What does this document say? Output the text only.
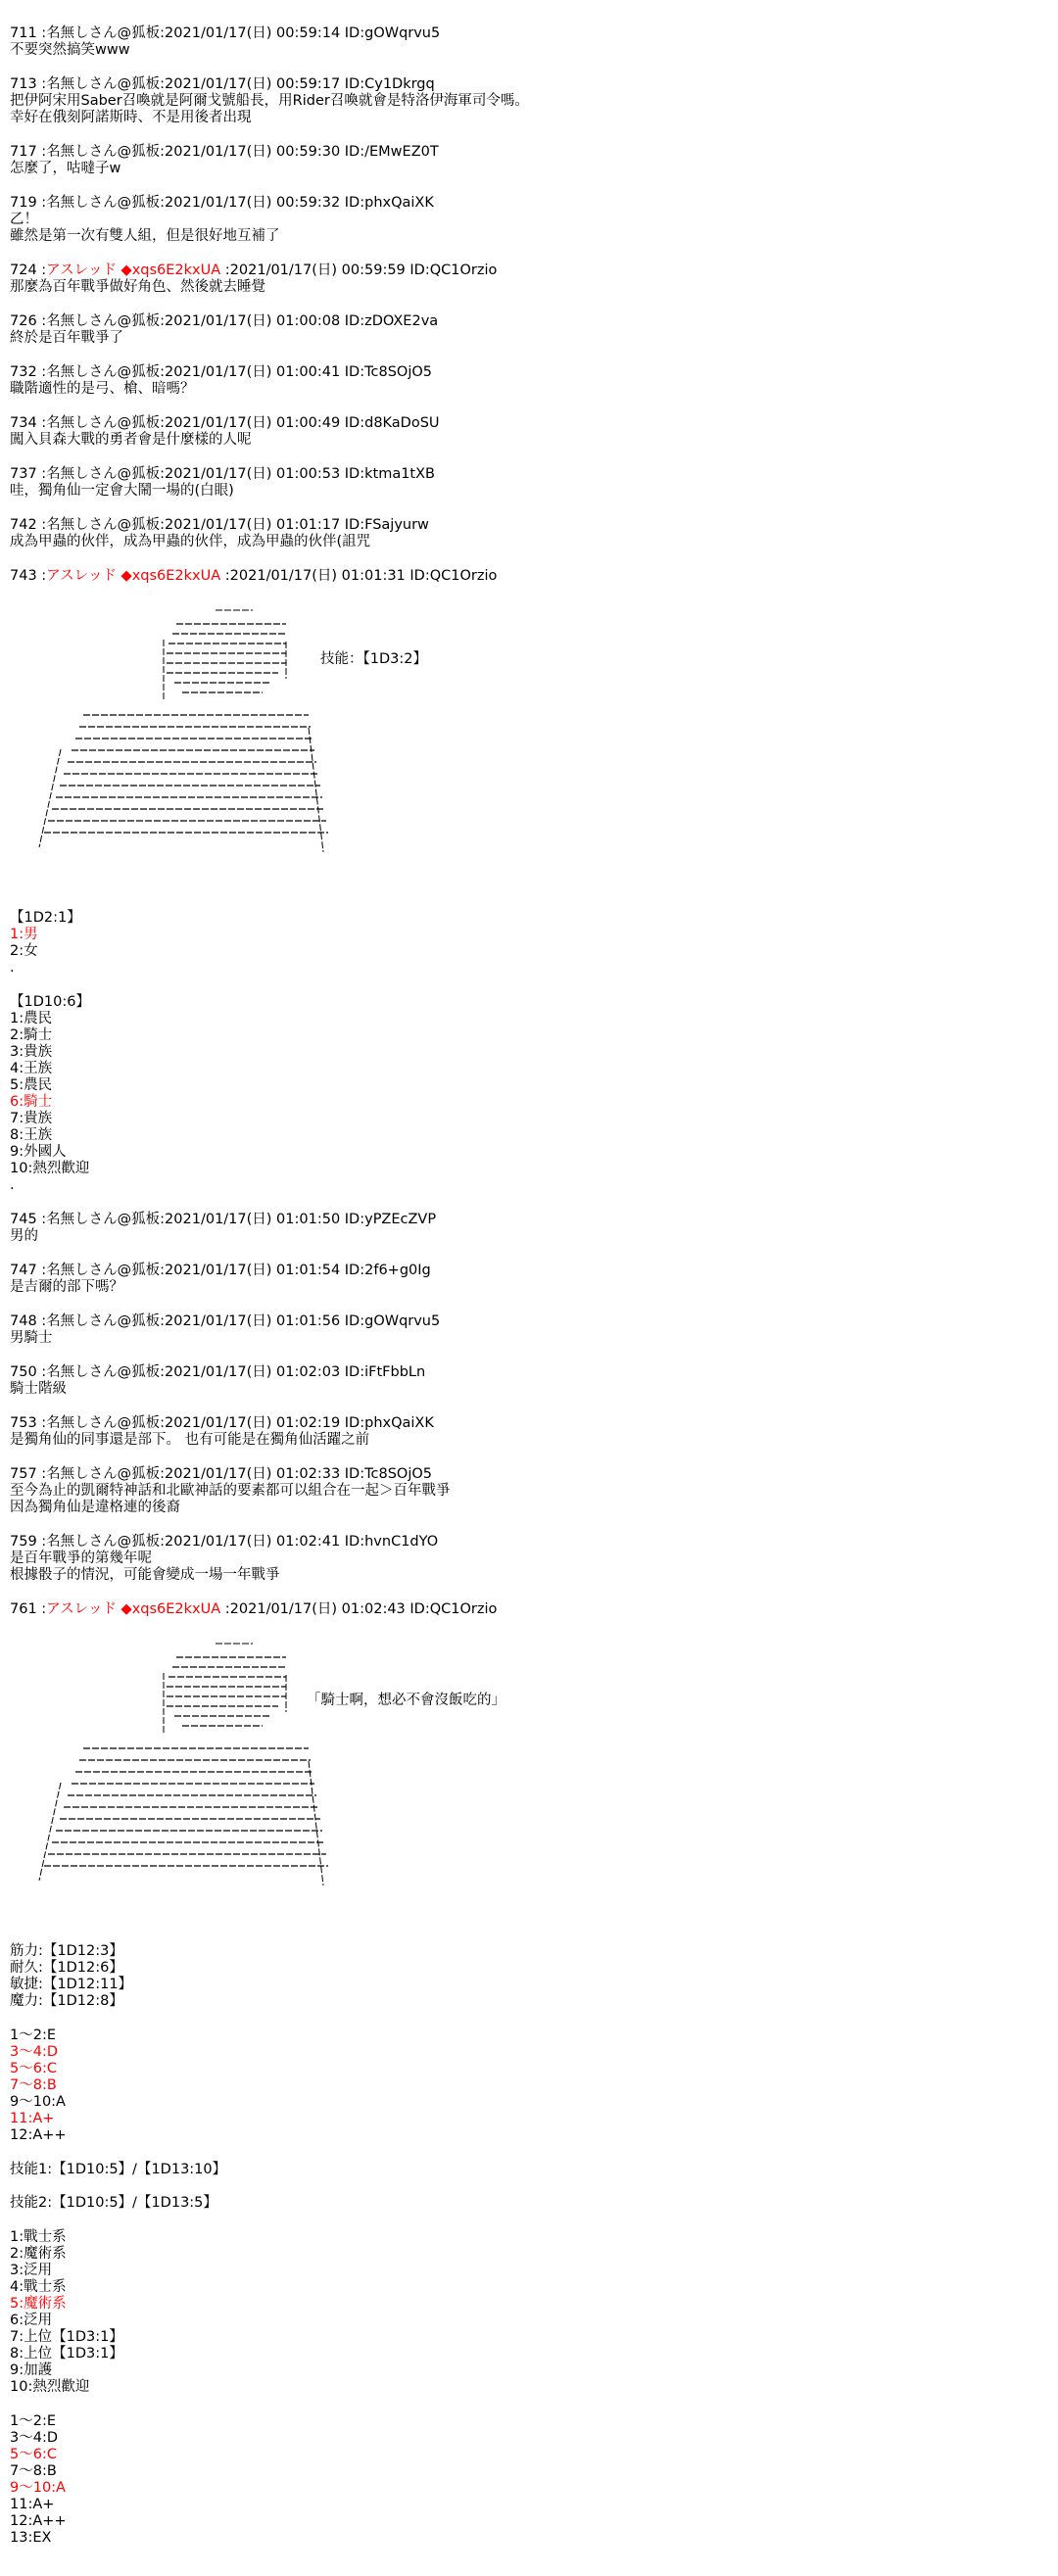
711 :名無しさん@狐板:2021/01/17(日) 00:59:14 ID:gOWqrvu5
不要突然搞笑www
713 :名無しさん@狐板:2021/01/17(日) 00:59:17 ID:Cy1Dkrgq
把伊阿宋用Saber召喚就是阿爾戈號船長，用Rider召喚就會是特洛伊海軍司令嗎。
幸好在俄刻阿諾斯時、不是用後者出現
717 :名無しさん@狐板:2021/01/17(日) 00:59:30 ID:/EMwEZ0T
怎麼了，咕噠子w
719 :名無しさん@狐板:2021/01/17(日) 00:59:32 ID:phxQaiXK
乙！
雖然是第一次有雙人組，但是很好地互補了
724 :アスレッド ◆xqs6E2kxUA :2021/01/17(日) 00:59:59 ID:QC1Orzio
那麼為百年戰爭做好角色、然後就去睡覺
726 :名無しさん@狐板:2021/01/17(日) 01:00:08 ID:zDOXE2va
終於是百年戰爭了
732 :名無しさん@狐板:2021/01/17(日) 01:00:41 ID:Tc8SOjO5
職階適性的是弓、槍、暗嗎？
734 :名無しさん@狐板:2021/01/17(日) 01:00:49 ID:d8KaDoSU
闖入貝森大戰的勇者會是什麼樣的人呢
737 :名無しさん@狐板:2021/01/17(日) 01:00:53 ID:ktma1tXB
哇，獨角仙一定會大鬧一場的(白眼)
742 :名無しさん@狐板:2021/01/17(日) 01:01:17 ID:FSajyurw
成為甲蟲的伙伴，成為甲蟲的伙伴，成為甲蟲的伙伴(詛咒
743 :アスレッド ◆xqs6E2kxUA :2021/01/17(日) 01:01:31 ID:QC1Orzio
技能：【1D3:2】
【1D2:1】
1:男
2:女
.
【1D10:6】
1:農民
2:騎士
3:貴族
4:王族
5:農民
6:騎士
7:貴族
8:王族
9:外國人
10:熱烈歡迎
.
745 :名無しさん@狐板:2021/01/17(日) 01:01:50 ID:yPZEcZVP
男的
747 :名無しさん@狐板:2021/01/17(日) 01:01:54 ID:2f6+g0Ig
是吉爾的部下嗎？
748 :名無しさん@狐板:2021/01/17(日) 01:01:56 ID:gOWqrvu5
男騎士
750 :名無しさん@狐板:2021/01/17(日) 01:02:03 ID:iFtFbbLn
騎士階級
753 :名無しさん@狐板:2021/01/17(日) 01:02:19 ID:phxQaiXK
是獨角仙的同事還是部下。 也有可能是在獨角仙活躍之前
757 :名無しさん@狐板:2021/01/17(日) 01:02:33 ID:Tc8SOjO5
至今為止的凱爾特神話和北歐神話的要素都可以組合在一起＞百年戰爭
因為獨角仙是違格連的後裔
759 :名無しさん@狐板:2021/01/17(日) 01:02:41 ID:hvnC1dYO
是百年戰爭的第幾年呢
根據骰子的情況，可能會變成一場一年戰爭
761 :アスレッド ◆xqs6E2kxUA :2021/01/17(日) 01:02:43 ID:QC1Orzio
「騎士啊，想必不會沒飯吃的」
筋力:【1D12:3】
耐久:【1D12:6】
敏捷:【1D12:11】
魔力:【1D12:8】
1～2:E
3～4:D
5～6:C
7～8:B
9～10:A
11:A+
12:A++
技能1:【1D10:5】/【1D13:10】
技能2:【1D10:5】/【1D13:5】
1:戰士系
2:魔術系
3:泛用
4:戰士系
5:魔術系
6:泛用
7:上位【1D3:1】
8:上位【1D3:1】
9:加護
10:熱烈歡迎
1～2:E
3～4:D
5～6:C
7～8:B
9～10:A
11:A+
12:A++
13:EX
